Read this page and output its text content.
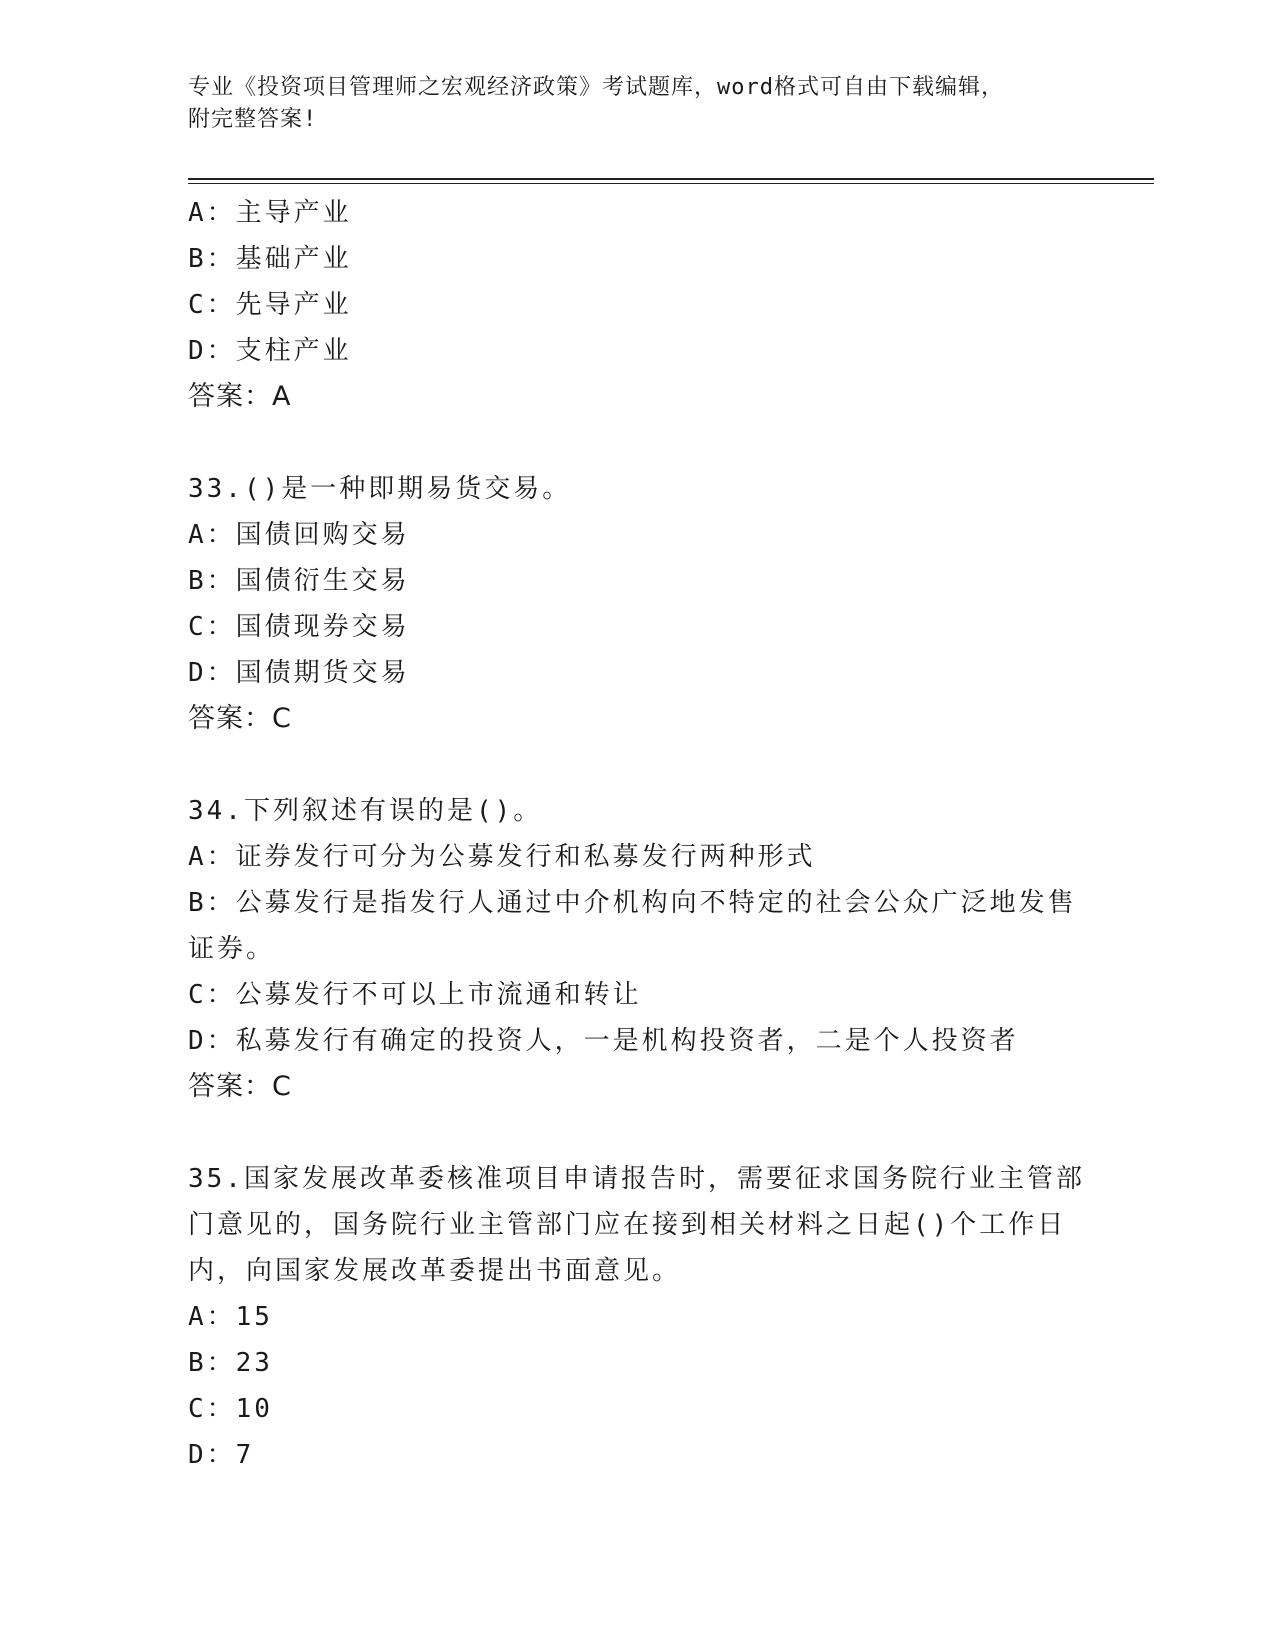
专业《投资项目管理师之宏观经济政策》考试题库，word格式可自由下载编辑，
附完整答案!
A：主导产业
B：基础产业
C：先导产业
D：支柱产业
答案：A
33.()是一种即期易货交易。
A：国债回购交易
B：国债衍生交易
C：国债现券交易
D：国债期货交易
答案：C
34.下列叙述有误的是()。
A：证券发行可分为公募发行和私募发行两种形式
B：公募发行是指发行人通过中介机构向不特定的社会公众广泛地发售
证券。
C：公募发行不可以上市流通和转让
D：私募发行有确定的投资人，一是机构投资者，二是个人投资者
答案：C
35.国家发展改革委核准项目申请报告时，需要征求国务院行业主管部
门意见的，国务院行业主管部门应在接到相关材料之日起()个工作日
内，向国家发展改革委提出书面意见。
A：15
B：23
C：10
D：7
